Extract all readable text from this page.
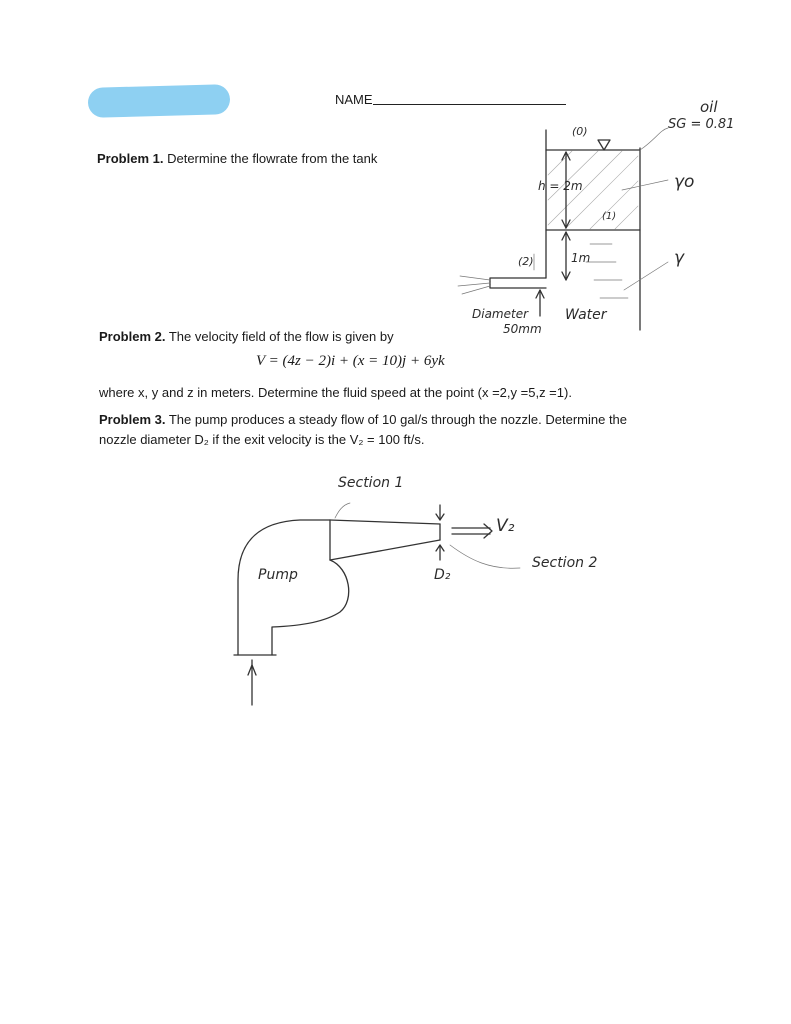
NAME
Problem 1. Determine the flowrate from the tank
(0)
(1)
(2)
h = 2m
1m
Diameter
50mm
Water
oil
SG = 0.81
γo
γ
Problem 2. The velocity field of the flow is given by
V = (4z − 2)i + (x = 10)j + 6yk
where x, y and z in meters. Determine the fluid speed at the point (x =2,y =5,z =1).
Problem 3. The pump produces a steady flow of 10 gal/s through the nozzle. Determine the
nozzle diameter D₂ if the exit velocity is the V₂ = 100 ft/s.
Section 1
Section 2
Pump
V₂
D₂
